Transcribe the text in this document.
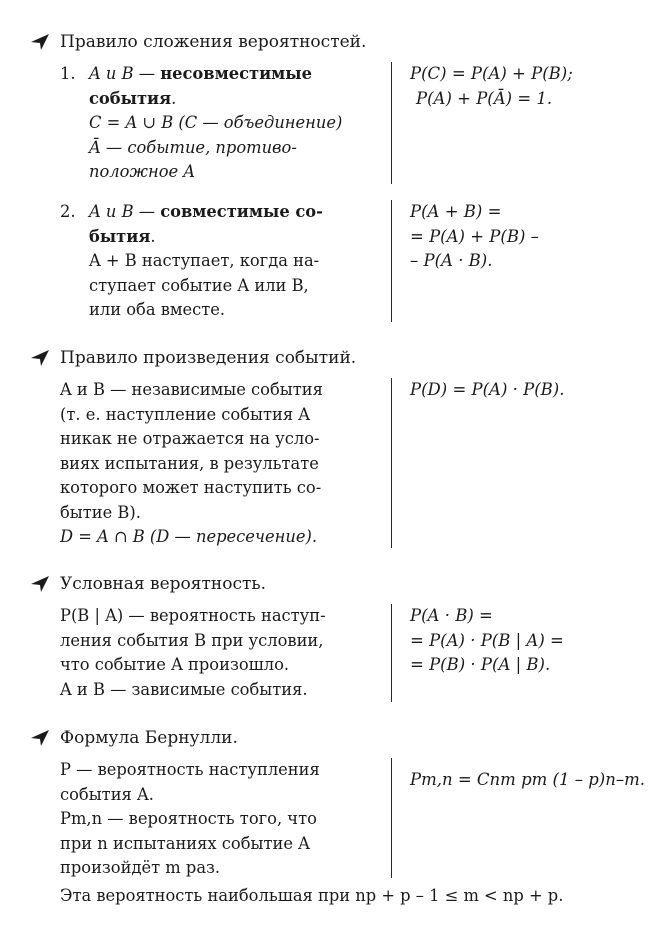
Правило сложения вероятностей.
1. A и B — несовместимые
события.
C = A ∪ B (C — объединение)
Ā — событие, противо-
положное A
P(C) = P(A) + P(B);
P(A) + P(Ā) = 1.
2. A и B — совместимые со-
бытия.
A + B наступает, когда на-
ступает событие A или B,
или оба вместе.
P(A + B) =
= P(A) + P(B) –
– P(A · B).
Правило произведения событий.
A и B — независимые события
(т. е. наступление события A
никак не отражается на усло-
виях испытания, в результате
которого может наступить со-
бытие B).
D = A ∩ B (D — пересечение).
P(D) = P(A) · P(B).
Условная вероятность.
P(B | A) — вероятность наступ-
ления события B при условии,
что событие A произошло.
A и B — зависимые события.
P(A · B) =
= P(A) · P(B | A) =
= P(B) · P(A | B).
Формула Бернулли.
P — вероятность наступления
события A.
Pm,n — вероятность того, что
при n испытаниях событие A
произойдёт m раз.
Pm,n = Cnm pm (1 – p)n–m.
Эта вероятность наибольшая при np + p – 1 ≤ m < np + p.
